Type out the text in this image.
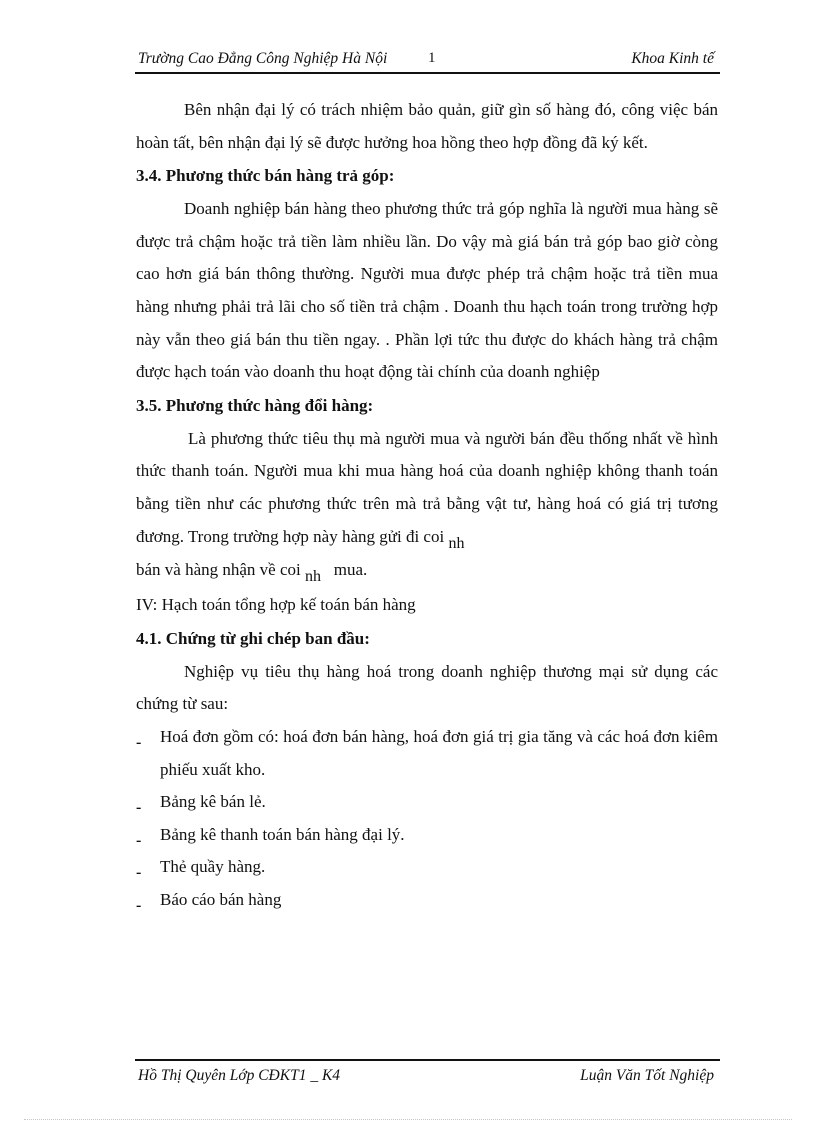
Trường Cao Đẳng Công Nghiệp Hà Nội	1	Khoa Kinh tế

Bên nhận đại lý có trách nhiệm bảo quản, giữ gìn số hàng đó, công việc bán hoàn tất, bên nhận đại lý sẽ được hưởng hoa hồng theo hợp đồng đã ký kết.

3.4. Phương thức bán hàng trả góp:

Doanh nghiệp bán hàng theo phương thức trả góp nghĩa là người mua hàng sẽ được trả chậm hoặc trả tiền làm nhiều lần. Do vậy mà giá bán trả góp bao giờ còng cao hơn giá bán thông thường. Người mua được phép trả chậm hoặc trả tiền mua hàng nhưng phải trả lãi cho số tiền trả chậm . Doanh thu hạch toán trong trường hợp này vẫn theo giá bán thu tiền ngay. . Phần lợi tức thu được do khách hàng trả chậm được hạch toán vào doanh thu hoạt động tài chính của doanh nghiệp

3.5. Phương thức hàng đổi hàng:

Là phương thức tiêu thụ mà người mua và người bán đều thống nhất về hình thức thanh toán. Người mua khi mua hàng hoá của doanh nghiệp không thanh toán bằng tiền như các phương thức trên mà trả bằng vật tư, hàng hoá có giá trị tương đương. Trong trường hợp này hàng gửi đi coi nh
bán và hàng nhận về coi nh mua.

IV: Hạch toán tổng hợp kế toán bán hàng

4.1. Chứng từ ghi chép ban đầu:

Nghiệp vụ tiêu thụ hàng hoá trong doanh nghiệp thương mại sử dụng các chứng từ sau:

- Hoá đơn gồm có: hoá đơn bán hàng, hoá đơn giá trị gia tăng và các hoá đơn kiêm phiếu xuất kho.
- Bảng kê bán lẻ.
- Bảng kê thanh toán bán hàng đại lý.
- Thẻ quầy hàng.
- Báo cáo bán hàng
Hồ Thị Quyên Lớp CĐKT1 _ K4	Luận Văn Tốt Nghiệp
